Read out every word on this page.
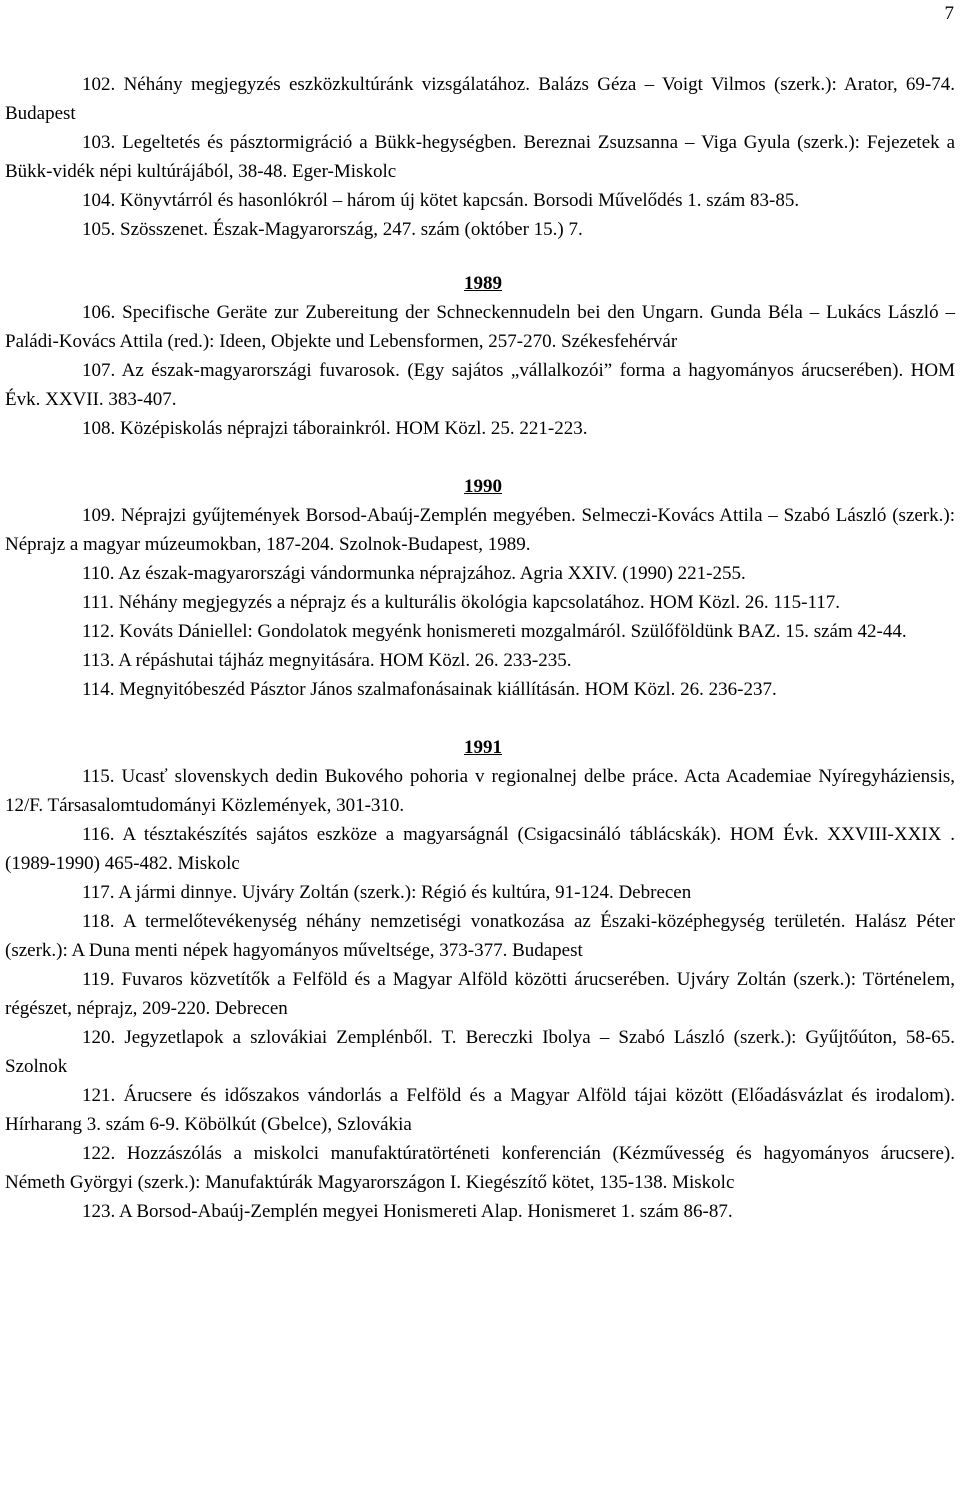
7

102. Néhány megjegyzés eszközkultúránk vizsgálatához. Balázs Géza – Voigt Vilmos (szerk.): Arator, 69-74. Budapest

103. Legeltetés és pásztormigráció a Bükk-hegységben. Bereznai Zsuzsanna – Viga Gyula (szerk.): Fejezetek a Bükk-vidék népi kultúrájából, 38-48. Eger-Miskolc

104. Könyvtárról és hasonlókról – három új kötet kapcsán. Borsodi Művelődés 1. szám 83-85.

105. Szösszenet. Észak-Magyarország, 247. szám (október 15.) 7.

1989

106. Specifische Geräte zur Zubereitung der Schneckennudeln bei den Ungarn. Gunda Béla – Lukács László – Paládi-Kovács Attila (red.): Ideen, Objekte und Lebensformen, 257-270. Székesfehérvár

107. Az észak-magyarországi fuvarosok. (Egy sajátos „vállalkozói” forma a hagyományos árucserében). HOM Évk. XXVII. 383-407.

108. Középiskolás néprajzi táborainkról. HOM Közl. 25. 221-223.

1990

109. Néprajzi gyűjtemények Borsod-Abaúj-Zemplén megyében. Selmeczi-Kovács Attila – Szabó László (szerk.): Néprajz a magyar múzeumokban, 187-204. Szolnok-Budapest, 1989.

110. Az észak-magyarországi vándormunka néprajzához. Agria XXIV. (1990) 221-255.

111. Néhány megjegyzés a néprajz és a kulturális ökológia kapcsolatához. HOM Közl. 26. 115-117.

112. Kováts Dániellel: Gondolatok megyénk honismereti mozgalmáról. Szülőföldünk BAZ. 15. szám 42-44.

113. A répáshutai tájház megnyitására. HOM Közl. 26. 233-235.

114. Megnyitóbeszéd Pásztor János szalmafonásainak kiállításán. HOM Közl. 26. 236-237.

1991

115. Ucasť slovenskych dedin Bukového pohoria v regionalnej delbe práce. Acta Academiae Nyíregyháziensis, 12/F. Társasalomtudományi Közlemények, 301-310.

116. A tésztakészítés sajátos eszköze a magyarságnál (Csigacsináló táblácskák). HOM Évk. XXVIII-XXIX . (1989-1990) 465-482. Miskolc

117. A jármi dinnye. Ujváry Zoltán (szerk.): Régió és kultúra, 91-124. Debrecen

118. A termelőtevékenység néhány nemzetiségi vonatkozása az Északi-középhegység területén. Halász Péter (szerk.): A Duna menti népek hagyományos műveltsége, 373-377. Budapest

119. Fuvaros közvetítők a Felföld és a Magyar Alföld közötti árucserében. Ujváry Zoltán (szerk.): Történelem, régészet, néprajz, 209-220. Debrecen

120. Jegyzetlapok a szlovákiai Zemplénből. T. Bereczki Ibolya – Szabó László (szerk.): Gyűjtőúton, 58-65. Szolnok

121. Árucsere és időszakos vándorlás a Felföld és a Magyar Alföld tájai között (Előadásvázlat és irodalom). Hírharang 3. szám 6-9. Köbölkút (Gbelce), Szlovákia

122. Hozzászólás a miskolci manufaktúratörténeti konferencián (Kézművesség és hagyományos árucsere). Németh Györgyi (szerk.): Manufaktúrák Magyarországon I. Kiegészítő kötet, 135-138. Miskolc

123. A Borsod-Abaúj-Zemplén megyei Honismereti Alap. Honismeret 1. szám 86-87.
